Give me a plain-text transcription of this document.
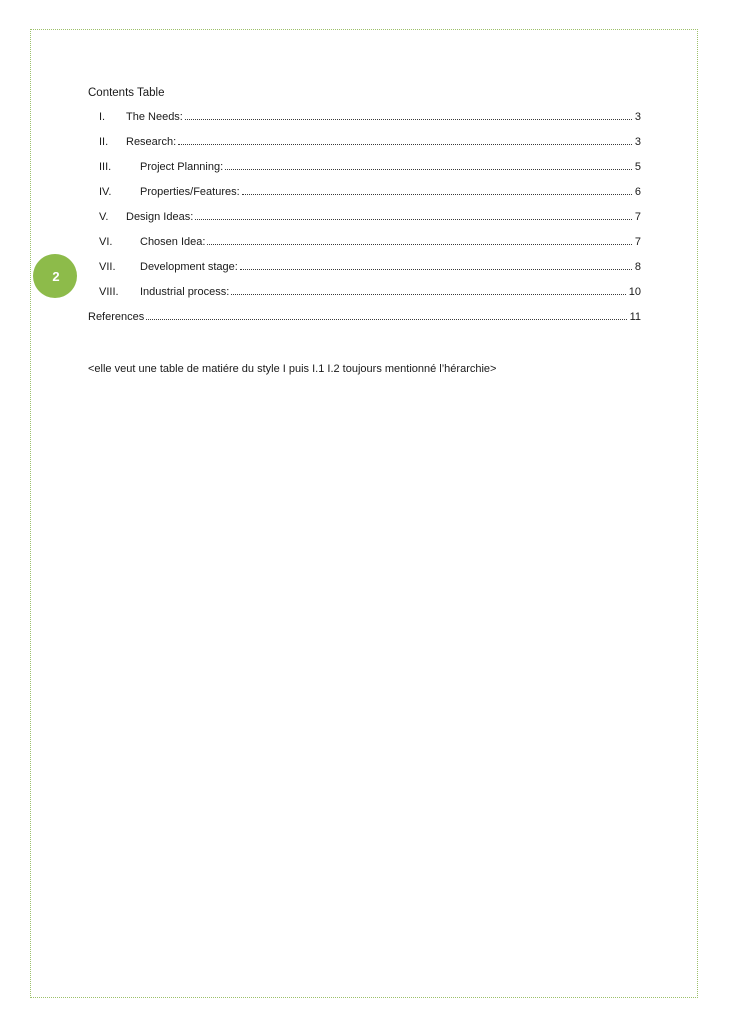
2
Contents Table
I.	The Needs:	3
II.	Research:	3
III.	Project Planning:	5
IV.	Properties/Features:	6
V.	Design Ideas:	7
VI.	Chosen Idea:	7
VII.	Development stage:	8
VIII.	Industrial process:	10
References	11
<elle veut une table de matiére du style I puis I.1 I.2 toujours mentionné l’hérarchie>
